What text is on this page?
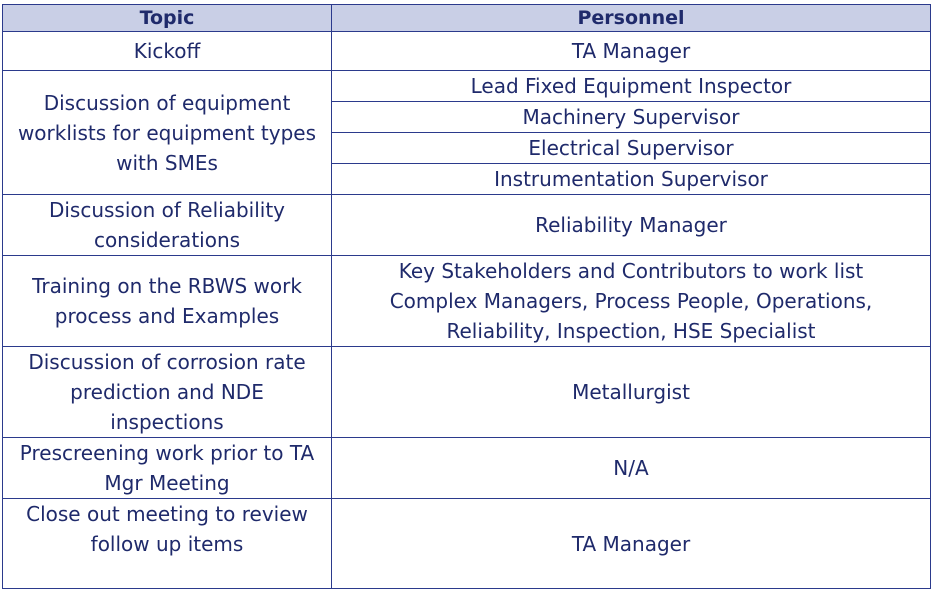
Topic	Personnel

Kickoff	TA Manager

Discussion of equipment
worklists for equipment types
with SMEs	Lead Fixed Equipment Inspector

	Machinery Supervisor

	Electrical Supervisor

	Instrumentation Supervisor

Discussion of Reliability
considerations	Reliability Manager

Training on the RBWS work
process and Examples	Key Stakeholders and Contributors to work list
Complex Managers, Process People, Operations,
Reliability, Inspection, HSE Specialist

Discussion of corrosion rate
prediction and NDE
inspections	Metallurgist

Prescreening work prior to TA
Mgr Meeting	N/A

Close out meeting to review
follow up items	TA Manager
